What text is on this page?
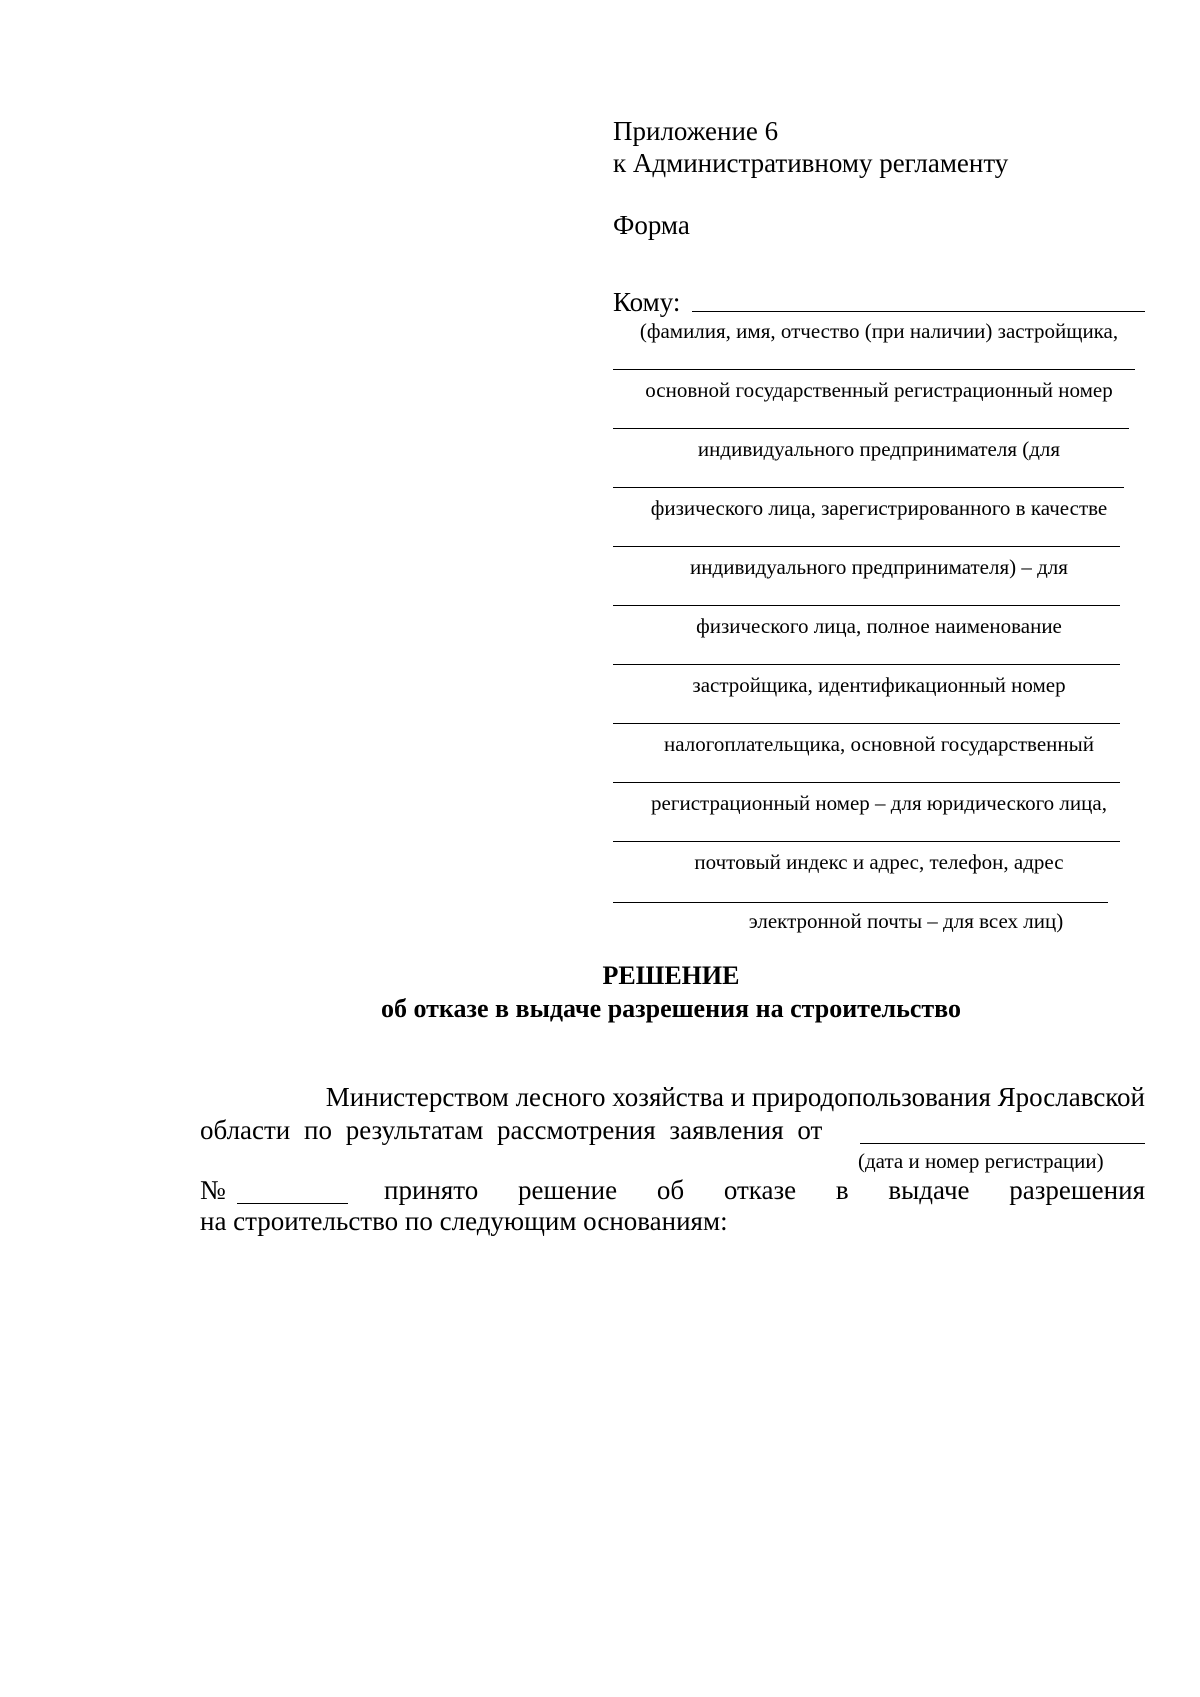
Приложение 6
к Административному регламенту
Форма
Кому:
(фамилия, имя, отчество (при наличии) застройщика,
основной государственный регистрационный номер
индивидуального предпринимателя (для
физического лица, зарегистрированного в качестве
индивидуального предпринимателя) – для
физического лица, полное наименование
застройщика, идентификационный номер
налогоплательщика, основной государственный
регистрационный номер – для юридического лица,
почтовый индекс и адрес, телефон, адрес
электронной почты – для всех лиц)
РЕШЕНИЕ
об отказе в выдаче разрешения на строительство
Министерством лесного хозяйства и природопользования Ярославской
области по результатам рассмотрения заявления от
(дата и номер регистрации)
№	принято решение об отказе в выдаче разрешения
на строительство по следующим основаниям:
